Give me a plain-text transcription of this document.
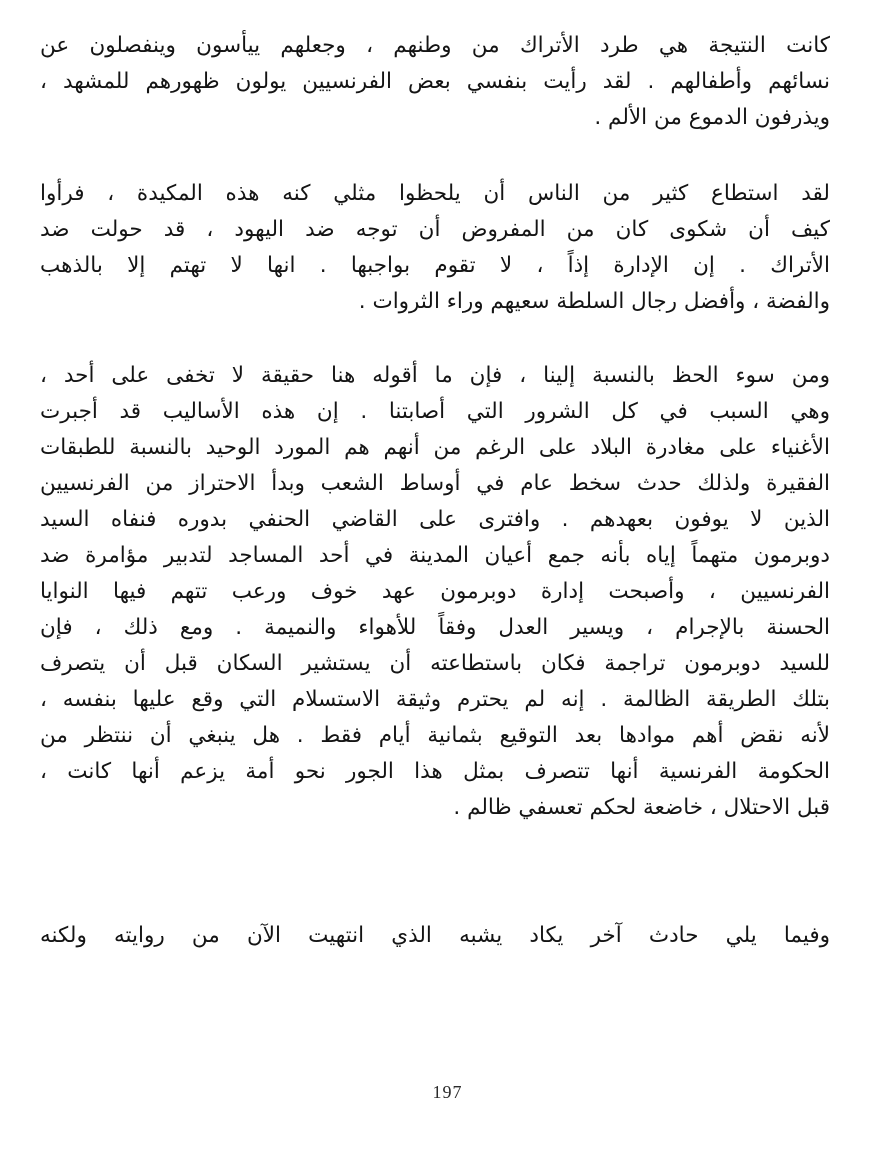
كانت النتيجة هي طرد الأتراك من وطنهم ، وجعلهم ييأسون وينفصلون عن
نسائهم وأطفالهم . لقد رأيت بنفسي بعض الفرنسيين يولون ظهورهم للمشهد ،
ويذرفون الدموع من الألم .
لقد استطاع كثير من الناس أن يلحظوا مثلي كنه هذه المكيدة ، فرأوا
كيف أن شكوى كان من المفروض أن توجه ضد اليهود ، قد حولت ضد
الأتراك . إن الإدارة إذاً ، لا تقوم بواجبها . انها لا تهتم إلا بالذهب
والفضة ، وأفضل رجال السلطة سعيهم وراء الثروات .
ومن سوء الحظ بالنسبة إلينا ، فإن ما أقوله هنا حقيقة لا تخفى على أحد ،
وهي السبب في كل الشرور التي أصابتنا . إن هذه الأساليب قد أجبرت
الأغنياء على مغادرة البلاد على الرغم من أنهم هم المورد الوحيد بالنسبة للطبقات
الفقيرة ولذلك حدث سخط عام في أوساط الشعب وبدأ الاحتراز من الفرنسيين
الذين لا يوفون بعهدهم . وافترى على القاضي الحنفي بدوره فنفاه السيد
دوبرمون متهماً إياه بأنه جمع أعيان المدينة في أحد المساجد لتدبير مؤامرة ضد
الفرنسيين ، وأصبحت إدارة دوبرمون عهد خوف ورعب تتهم فيها النوايا
الحسنة بالإجرام ، ويسير العدل وفقاً للأهواء والنميمة . ومع ذلك ، فإن
للسيد دوبرمون تراجمة فكان باستطاعته أن يستشير السكان قبل أن يتصرف
بتلك الطريقة الظالمة . إنه لم يحترم وثيقة الاستسلام التي وقع عليها بنفسه ،
لأنه نقض أهم موادها بعد التوقيع بثمانية أيام فقط . هل ينبغي أن ننتظر من
الحكومة الفرنسية أنها تتصرف بمثل هذا الجور نحو أمة يزعم أنها كانت ،
قبل الاحتلال ، خاضعة لحكم تعسفي ظالم .
وفيما يلي حادث آخر يكاد يشبه الذي انتهيت الآن من روايته ولكنه
197
